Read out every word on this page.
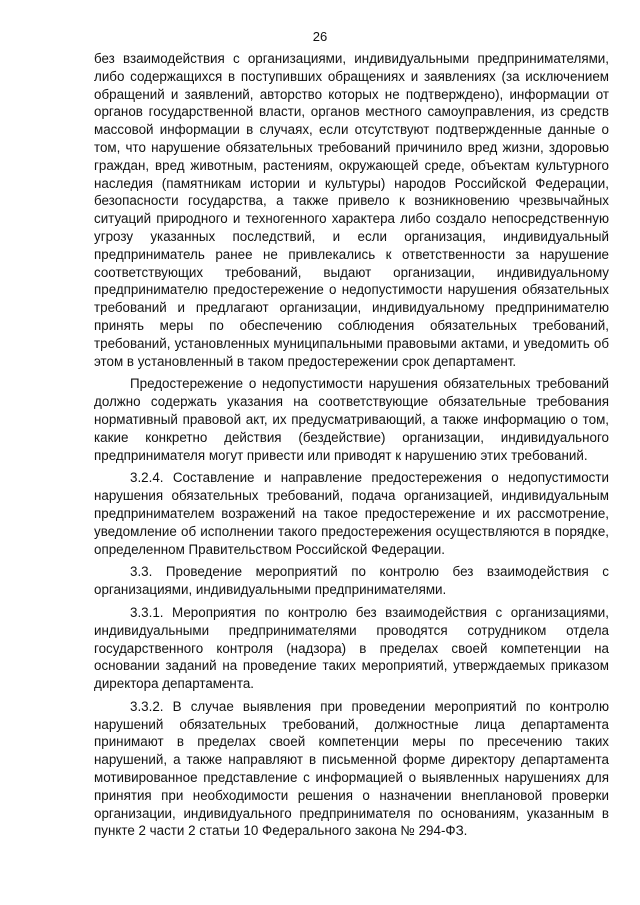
26

без взаимодействия с организациями, индивидуальными предпринимателями, либо содержащихся в поступивших обращениях и заявлениях (за исключением обращений и заявлений, авторство которых не подтверждено), информации от органов государственной власти, органов местного самоуправления, из средств массовой информации в случаях, если отсутствуют подтвержденные данные о том, что нарушение обязательных требований причинило вред жизни, здоровью граждан, вред животным, растениям, окружающей среде, объектам культурного наследия (памятникам истории и культуры) народов Российской Федерации, безопасности государства, а также привело к возникновению чрезвычайных ситуаций природного и техногенного характера либо создало непосредственную угрозу указанных последствий, и если организация, индивидуальный предприниматель ранее не привлекались к ответственности за нарушение соответствующих требований, выдают организации, индивидуальному предпринимателю предостережение о недопустимости нарушения обязательных требований и предлагают организации, индивидуальному предпринимателю принять меры по обеспечению соблюдения обязательных требований, требований, установленных муниципальными правовыми актами, и уведомить об этом в установленный в таком предостережении срок департамент.

Предостережение о недопустимости нарушения обязательных требований должно содержать указания на соответствующие обязательные требования нормативный правовой акт, их предусматривающий, а также информацию о том, какие конкретно действия (бездействие) организации, индивидуального предпринимателя могут привести или приводят к нарушению этих требований.

3.2.4. Составление и направление предостережения о недопустимости нарушения обязательных требований, подача организацией, индивидуальным предпринимателем возражений на такое предостережение и их рассмотрение, уведомление об исполнении такого предостережения осуществляются в порядке, определенном Правительством Российской Федерации.

3.3. Проведение мероприятий по контролю без взаимодействия с организациями, индивидуальными предпринимателями.

3.3.1. Мероприятия по контролю без взаимодействия с организациями, индивидуальными предпринимателями проводятся сотрудником отдела государственного контроля (надзора) в пределах своей компетенции на основании заданий на проведение таких мероприятий, утверждаемых приказом директора департамента.

3.3.2. В случае выявления при проведении мероприятий по контролю нарушений обязательных требований, должностные лица департамента принимают в пределах своей компетенции меры по пресечению таких нарушений, а также направляют в письменной форме директору департамента мотивированное представление с информацией о выявленных нарушениях для принятия при необходимости решения о назначении внеплановой проверки организации, индивидуального предпринимателя по основаниям, указанным в пункте 2 части 2 статьи 10 Федерального закона № 294-ФЗ.
